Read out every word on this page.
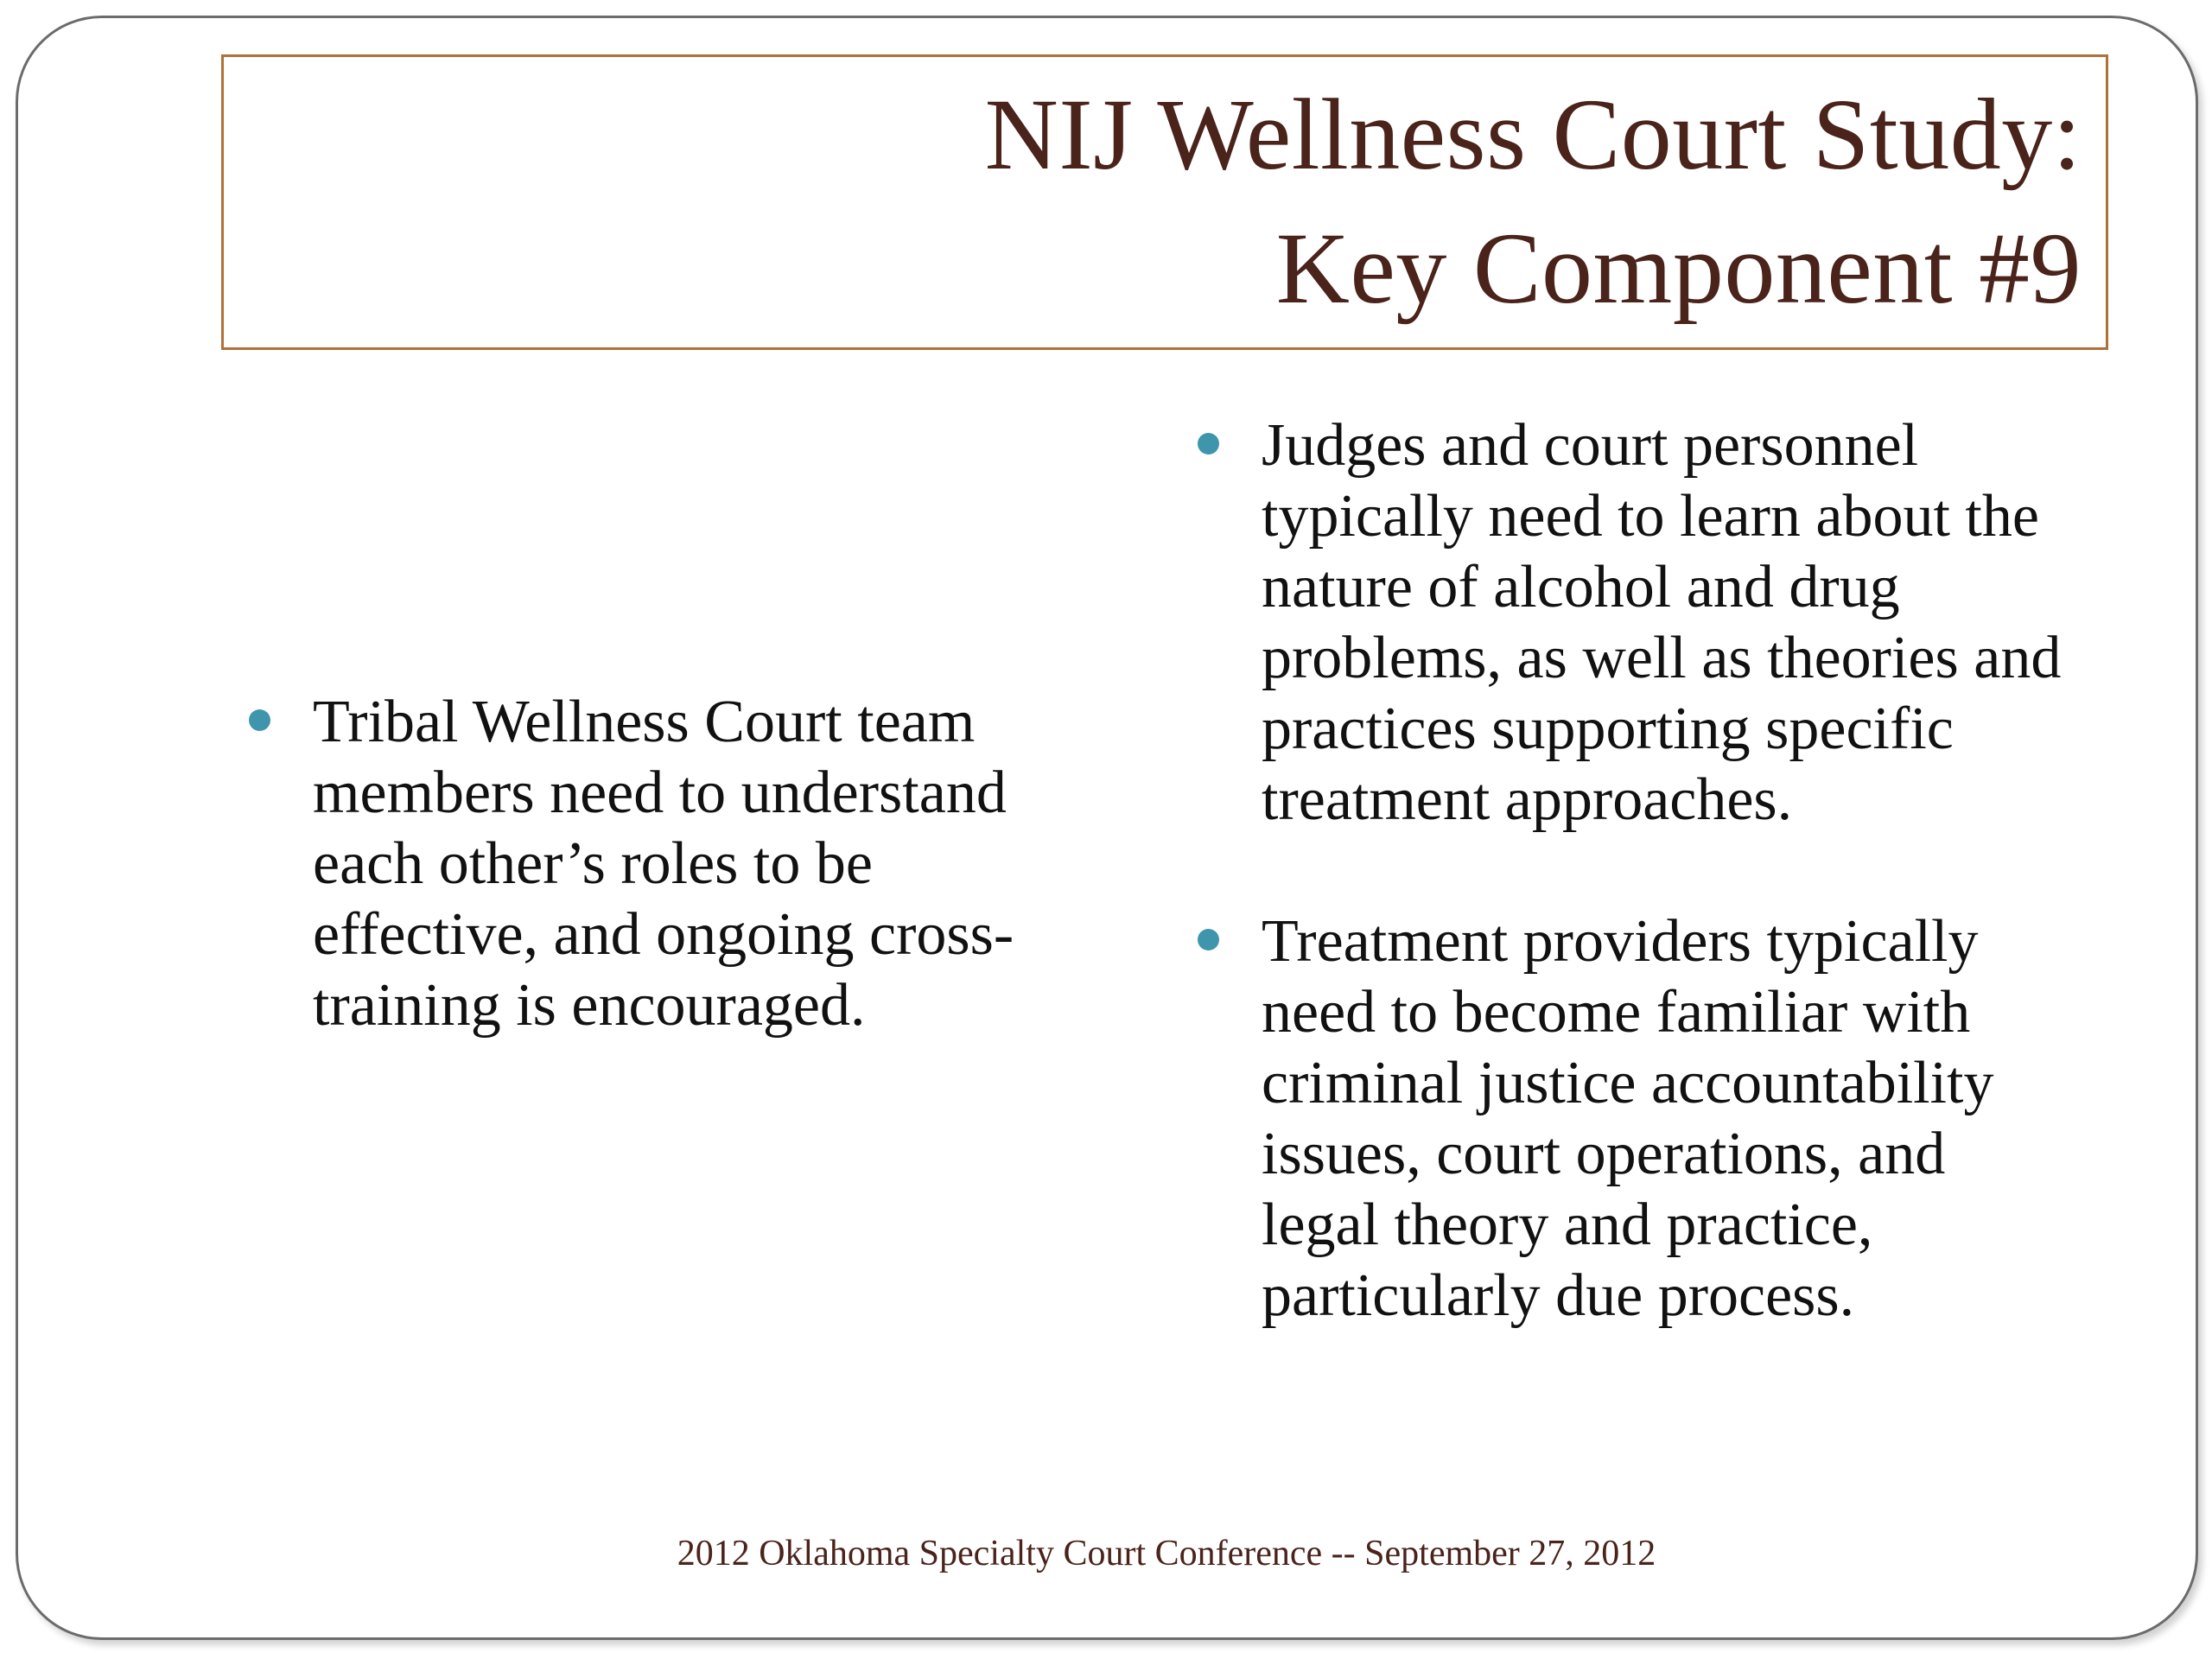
NIJ Wellness Court Study:
Key Component #9
Tribal Wellness Court team members need to understand each other’s roles to be effective, and ongoing cross-training is encouraged.
Judges and court personnel typically need to learn about the nature of alcohol and drug problems, as well as theories and practices supporting specific treatment approaches.
Treatment providers typically need to become familiar with criminal justice accountability issues, court operations, and legal theory and practice, particularly due process.
2012 Oklahoma Specialty Court Conference -- September 27, 2012
